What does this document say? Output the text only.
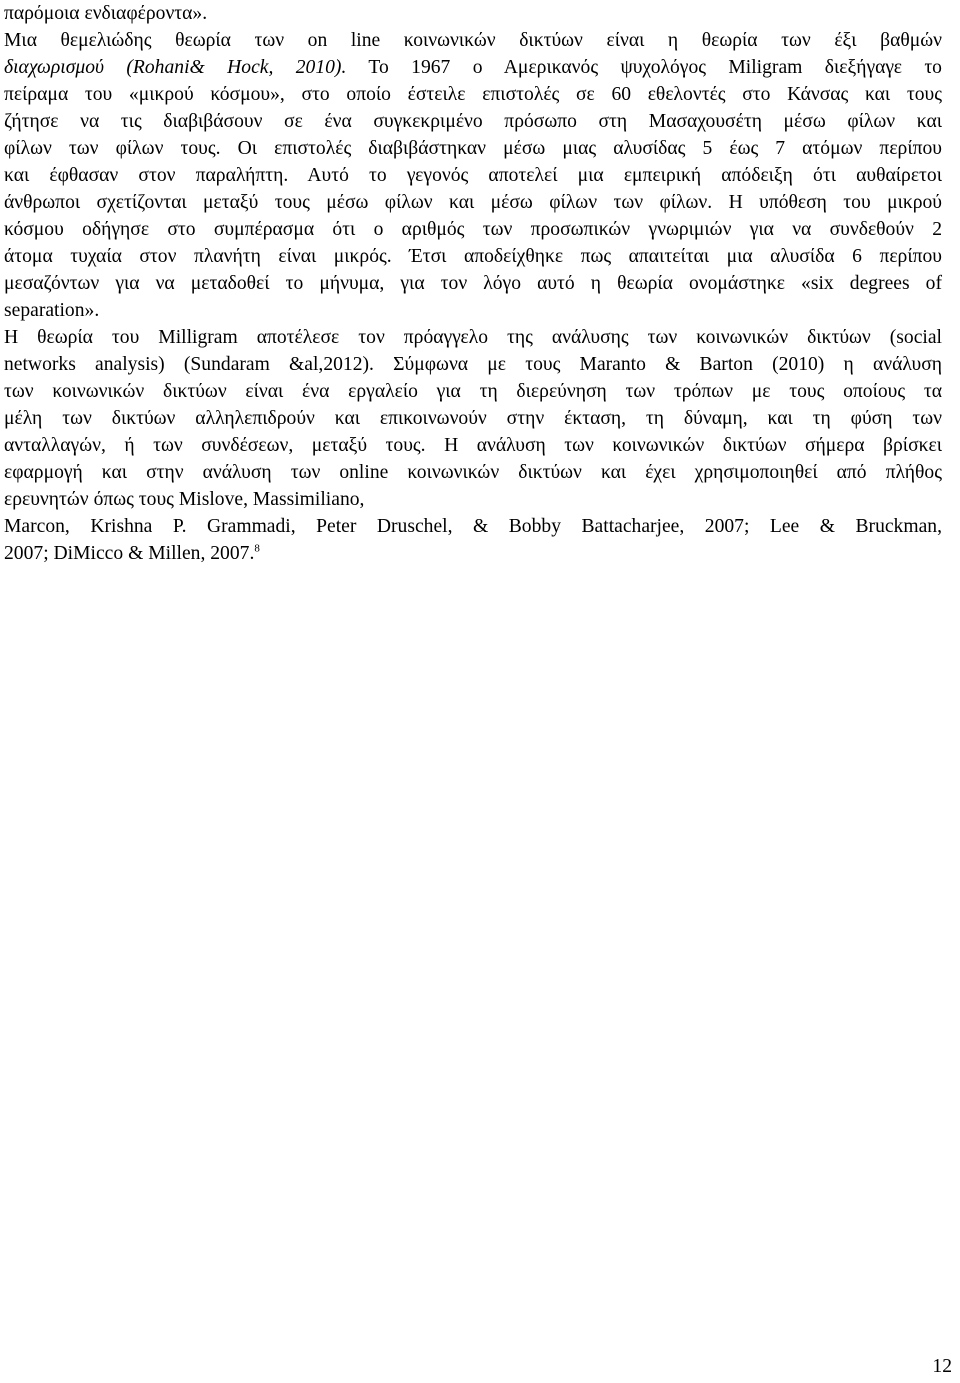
παρόμοια ενδιαφέροντα».
Μια θεμελιώδης θεωρία των on line κοινωνικών δικτύων είναι η θεωρία των έξι βαθμών
διαχωρισμού (Rohani& Hock, 2010). Το 1967 ο Αμερικανός ψυχολόγος Miligram διεξήγαγε το
πείραμα του «μικρού κόσμου», στο οποίο έστειλε επιστολές σε 60 εθελοντές στο Κάνσας και τους
ζήτησε να τις διαβιβάσουν σε ένα συγκεκριμένο πρόσωπο στη Μασαχουσέτη μέσω φίλων και
φίλων των φίλων τους. Οι επιστολές διαβιβάστηκαν μέσω μιας αλυσίδας 5 έως 7 ατόμων περίπου
και έφθασαν στον παραλήπτη. Αυτό το γεγονός αποτελεί μια εμπειρική απόδειξη ότι αυθαίρετοι
άνθρωποι σχετίζονται μεταξύ τους μέσω φίλων και μέσω φίλων των φίλων. Η υπόθεση του μικρού
κόσμου οδήγησε στο συμπέρασμα ότι ο αριθμός των προσωπικών γνωριμιών για να συνδεθούν 2
άτομα τυχαία στον πλανήτη είναι μικρός. Έτσι αποδείχθηκε πως απαιτείται μια αλυσίδα 6 περίπου
μεσαζόντων για να μεταδοθεί το μήνυμα, για τον λόγο αυτό η θεωρία ονομάστηκε «six degrees of
separation».
Η θεωρία του Milligram αποτέλεσε τον πρόαγγελο της ανάλυσης των κοινωνικών δικτύων (social
networks analysis) (Sundaram &al,2012). Σύμφωνα με τους Maranto & Barton (2010) η ανάλυση
των κοινωνικών δικτύων είναι ένα εργαλείο για τη διερεύνηση των τρόπων με τους οποίους τα
μέλη των δικτύων αλληλεπιδρούν και επικοινωνούν στην έκταση, τη δύναμη, και τη φύση των
ανταλλαγών, ή των συνδέσεων, μεταξύ τους. Η ανάλυση των κοινωνικών δικτύων σήμερα βρίσκει
εφαρμογή και στην ανάλυση των online κοινωνικών δικτύων και έχει χρησιμοποιηθεί από πλήθος
ερευνητών όπως τους Mislove, Massimiliano,
Marcon, Krishna P. Grammadi, Peter Druschel, & Bobby Battacharjee, 2007; Lee & Bruckman,
2007; DiMicco & Millen, 2007.$^8$
12
